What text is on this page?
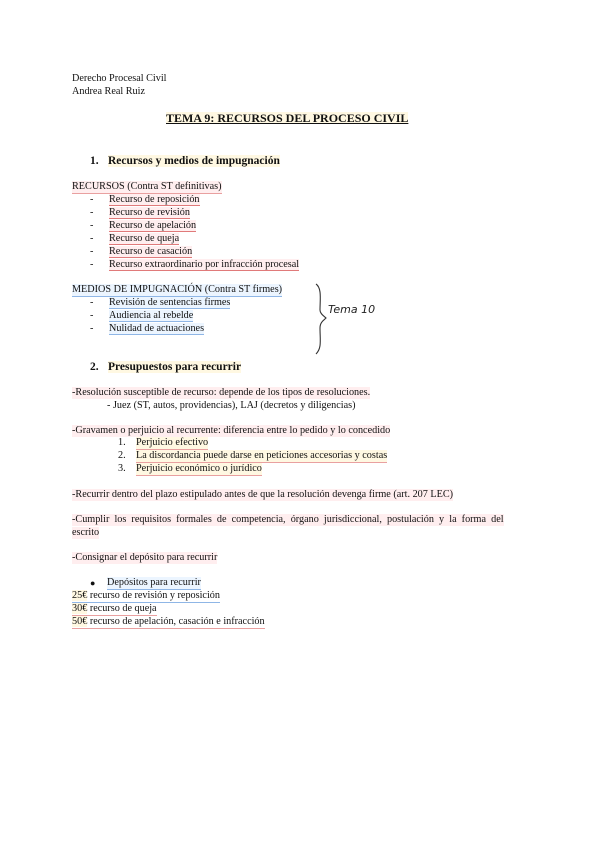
Derecho Procesal Civil
Andrea Real Ruiz
TEMA 9: RECURSOS DEL PROCESO CIVIL
1. Recursos y medios de impugnación
RECURSOS (Contra ST definitivas)
- Recurso de reposición
- Recurso de revisión
- Recurso de apelación
- Recurso de queja
- Recurso de casación
- Recurso extraordinario por infracción procesal
MEDIOS DE IMPUGNACIÓN (Contra ST firmes)
- Revisión de sentencias firmes
- Audiencia al rebelde
- Nulidad de actuaciones
Tema 10
2. Presupuestos para recurrir
-Resolución susceptible de recurso: depende de los tipos de resoluciones.
- Juez (ST, autos, providencias), LAJ (decretos y diligencias)
-Gravamen o perjuicio al recurrente: diferencia entre lo pedido y lo concedido
1. Perjuicio efectivo
2. La discordancia puede darse en peticiones accesorias y costas
3. Perjuicio económico o jurídico
-Recurrir dentro del plazo estipulado antes de que la resolución devenga firme (art. 207 LEC)
-Cumplir  los  requisitos  formales  de  competencia,  órgano  jurisdiccional,  postulación  y  la  forma  del
escrito
-Consignar el depósito para recurrir
● Depósitos para recurrir
25€ recurso de revisión y reposición
30€ recurso de queja
50€ recurso de apelación, casación e infracción
